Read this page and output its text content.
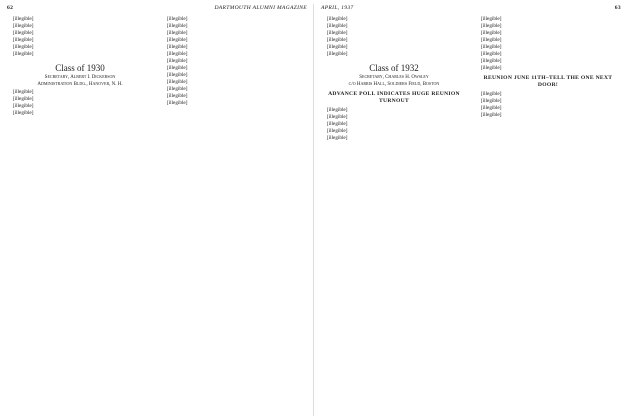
62	DARTMOUTH ALUMNI MAGAZINE

[illegible]

[illegible]

[illegible]

[illegible]

[illegible]

[illegible]

Class of 1930
Secretary, Albert I. Dickerson
Administration Bldg., Hanover, N. H.

[illegible]

[illegible]

[illegible]

[illegible]

[illegible]

[illegible]

[illegible]

[illegible]

[illegible]

[illegible]

[illegible]

[illegible]

[illegible]

[illegible]

[illegible]

[illegible]

[illegible]

APRIL, 1937	63

[illegible]

[illegible]

[illegible]

[illegible]

[illegible]

[illegible]

Class of 1932
Secretary, Charles H. Owsley
c/o Harris Hall, Soldiers Field, Boston
ADVANCE POLL INDICATES HUGE REUNION TURNOUT

[illegible]

[illegible]

[illegible]

[illegible]

[illegible]

[illegible]

[illegible]

[illegible]

[illegible]

[illegible]

[illegible]

[illegible]

[illegible]

REUNION JUNE 11TH–TELL THE ONE NEXT DOOR!

[illegible]

[illegible]

[illegible]

[illegible]
